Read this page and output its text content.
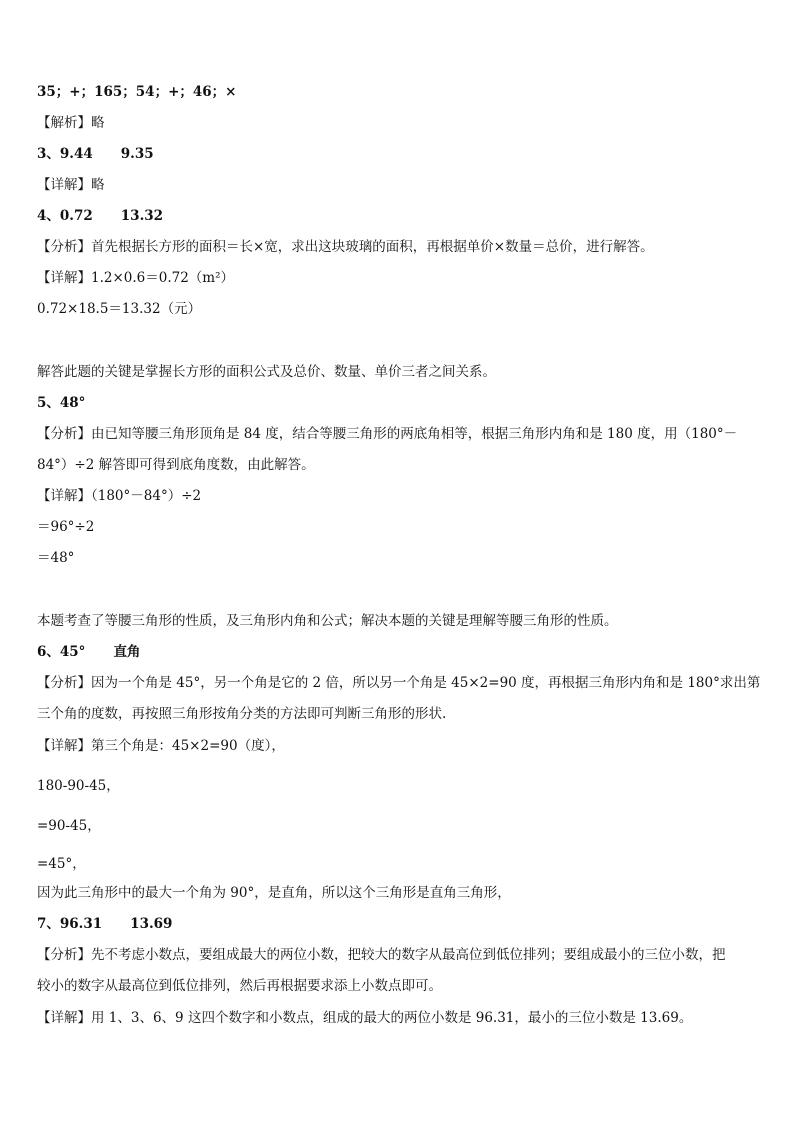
35；+；165；54；+；46；×
【解析】略
3、9.44 9.35
【详解】略
4、0.72 13.32
【分析】首先根据长方形的面积＝长×宽，求出这块玻璃的面积，再根据单价×数量＝总价，进行解答。
【详解】1.2×0.6＝0.72（m²）
0.72×18.5＝13.32（元）
解答此题的关键是掌握长方形的面积公式及总价、数量、单价三者之间关系。
5、48°
【分析】由已知等腰三角形顶角是 84 度，结合等腰三角形的两底角相等，根据三角形内角和是 180 度，用（180°－
84°）÷2 解答即可得到底角度数，由此解答。
【详解】（180°－84°）÷2
＝96°÷2
＝48°
本题考查了等腰三角形的性质，及三角形内角和公式；解决本题的关键是理解等腰三角形的性质。
6、45° 直角
【分析】因为一个角是 45°，另一个角是它的 2 倍，所以另一个角是 45×2=90 度，再根据三角形内角和是 180°求出第
三个角的度数，再按照三角形按角分类的方法即可判断三角形的形状.
【详解】第三个角是：45×2=90（度），
180-90-45，
=90-45，
=45°，
因为此三角形中的最大一个角为 90°，是直角，所以这个三角形是直角三角形，
7、96.31 13.69
【分析】先不考虑小数点，要组成最大的两位小数，把较大的数字从最高位到低位排列；要组成最小的三位小数，把
较小的数字从最高位到低位排列，然后再根据要求添上小数点即可。
【详解】用 1、3、6、9 这四个数字和小数点，组成的最大的两位小数是 96.31，最小的三位小数是 13.69。
